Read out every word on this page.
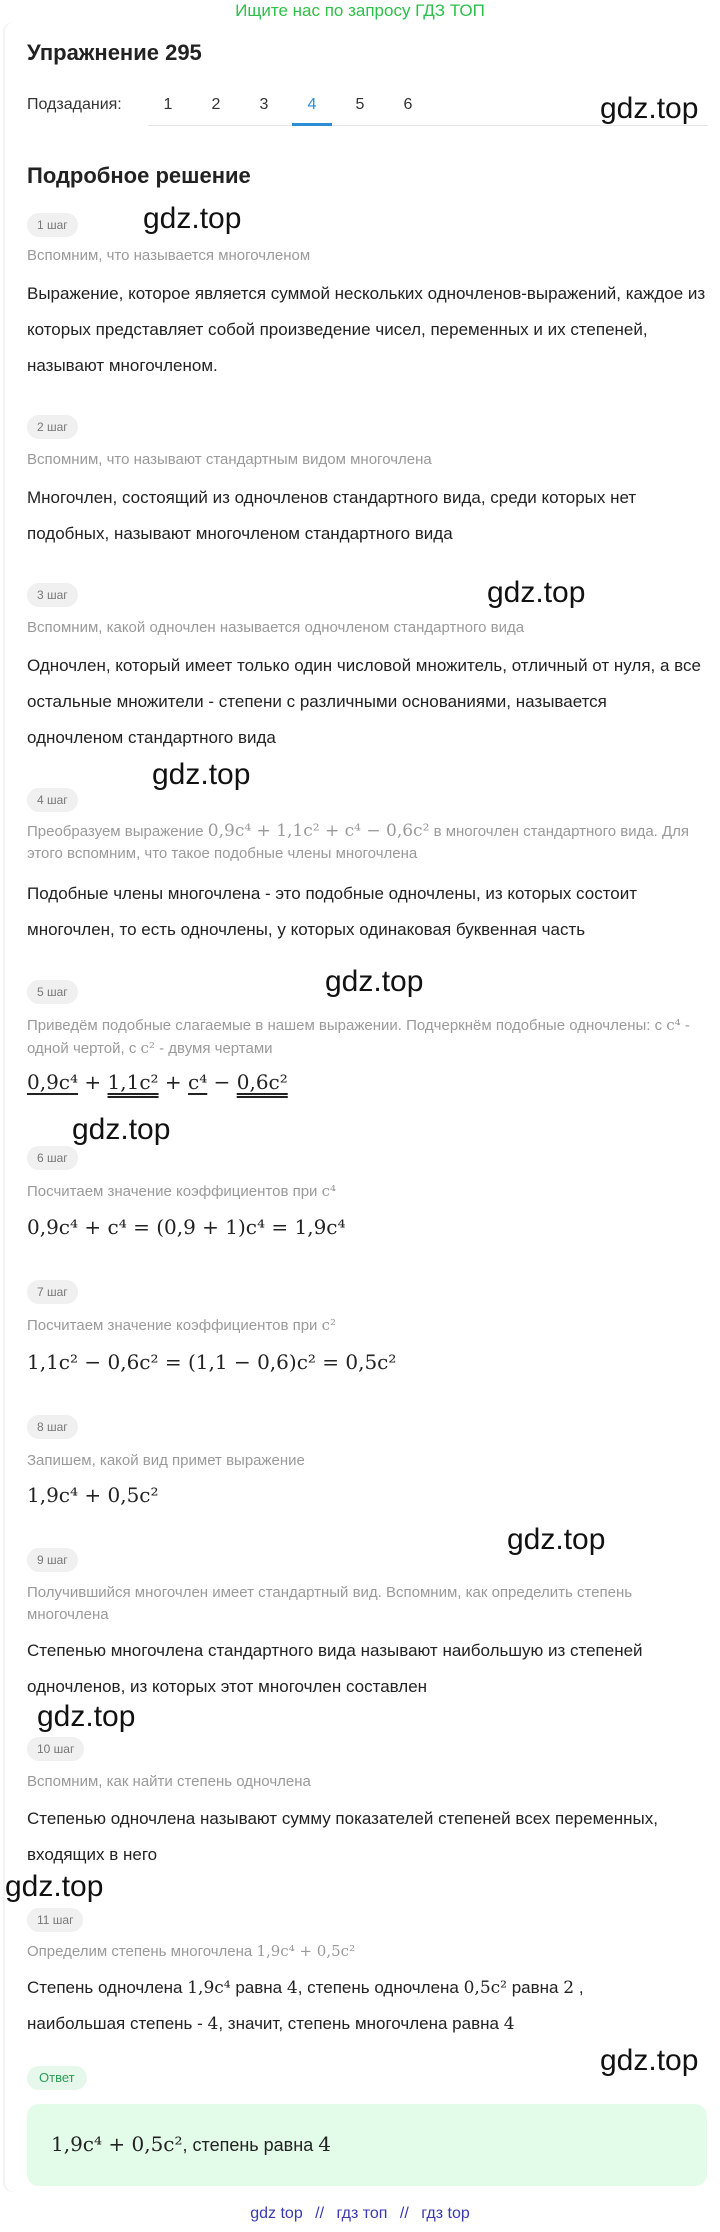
Ищите нас по запросу ГДЗ ТОП
Упражнение 295
Подзадания:	1	2	3	4	5	6
Подробное решение
1 шаг
Вспомним, что называется многочленом
Выражение, которое является суммой нескольких одночленов-выражений, каждое из которых представляет собой произведение чисел, переменных и их степеней, называют многочленом.
2 шаг
Вспомним, что называют стандартным видом многочлена
Многочлен, состоящий из одночленов стандартного вида, среди которых нет подобных, называют многочленом стандартного вида
3 шаг
Вспомним, какой одночлен называется одночленом стандартного вида
Одночлен, который имеет только один числовой множитель, отличный от нуля, а все остальные множители - степени с различными основаниями, называется одночленом стандартного вида
4 шаг
Преобразуем выражение 0,9c⁴ + 1,1c² + c⁴ − 0,6c² в многочлен стандартного вида. Для этого вспомним, что такое подобные члены многочлена
Подобные члены многочлена - это подобные одночлены, из которых состоит многочлен, то есть одночлены, у которых одинаковая буквенная часть
5 шаг
Приведём подобные слагаемые в нашем выражении. Подчеркнём подобные одночлены: с c⁴ - одной чертой, с c² - двумя чертами
0,9c⁴ + 1,1c² + c⁴ − 0,6c²
6 шаг
Посчитаем значение коэффициентов при c⁴
0,9c⁴ + c⁴ = (0,9 + 1)c⁴ = 1,9c⁴
7 шаг
Посчитаем значение коэффициентов при c²
1,1c² − 0,6c² = (1,1 − 0,6)c² = 0,5c²
8 шаг
Запишем, какой вид примет выражение
1,9c⁴ + 0,5c²
9 шаг
Получившийся многочлен имеет стандартный вид. Вспомним, как определить степень многочлена
Степенью многочлена стандартного вида называют наибольшую из степеней одночленов, из которых этот многочлен составлен
10 шаг
Вспомним, как найти степень одночлена
Степенью одночлена называют сумму показателей степеней всех переменных, входящих в него
11 шаг
Определим степень многочлена 1,9c⁴ + 0,5c²
Степень одночлена 1,9c⁴ равна 4, степень одночлена 0,5c² равна 2 ,
наибольшая степень - 4, значит, степень многочлена равна 4
Ответ
1,9c⁴ + 0,5c², степень равна 4
gdz.top
gdz.top
gdz.top
gdz.top
gdz.top
gdz.top
gdz.top
gdz.top
gdz.top
gdz.top
gdz top // гдз топ // гдз top
